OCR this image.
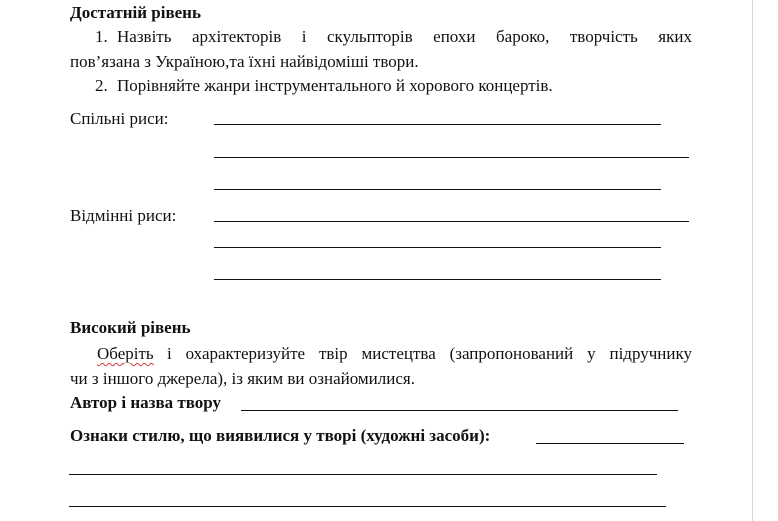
Достатній рівень
1. Назвіть архітекторів і скульпторів епохи бароко, творчість яких
пов’язана з Україною,та їхні найвідоміші твори.
2. Порівняйте жанри інструментального й хорового концертів.
Спільні риси:
Відмінні риси:
Високий рівень
Оберіть і охарактеризуйте твір мистецтва (запропонований у підручнику
чи з іншого джерела), із яким ви ознайомилися.
Автор і назва твору
Ознаки стилю, що виявилися у творі (художні засоби):
